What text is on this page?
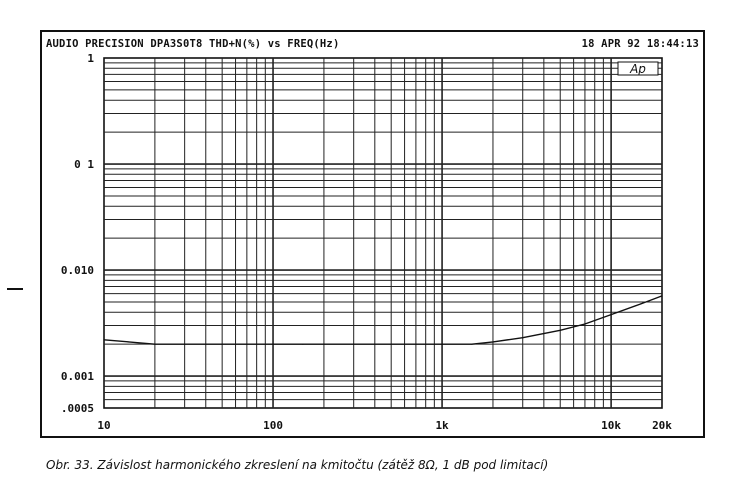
AUDIO PRECISION DPA3S0T8 THD+N(%) vs FREQ(Hz)	18 APR 92 18:44:13
10	100	1k	10k	20k
1
0 1
0.010
0.001
.0005
Ap
Obr. 33. Závislost harmonického zkreslení na kmitočtu (zátěž 8Ω, 1 dB pod limitací)
